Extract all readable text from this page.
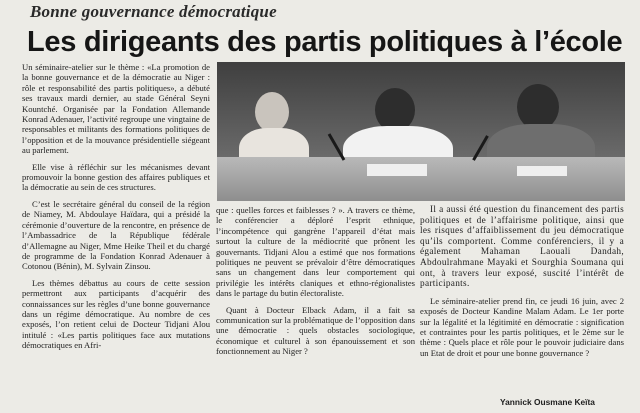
Bonne gouvernance démocratique
Les dirigeants des partis politiques à l’école

Un séminaire-atelier sur le thème : «La promotion de la bonne gouvernance et de la démocratie au Niger : rôle et responsabilité des partis politiques», a débuté ses travaux mardi dernier, au stade Général Seyni Kountché. Organisée par la Fondation Allemande Konrad Adenauer, l’activité regroupe une vingtaine de responsables et militants des formations politiques de l’opposition et de la mouvance présidentielle siégeant au parlement.

Elle vise à réfléchir sur les mécanismes devant promouvoir la bonne gestion des affaires publiques et la démocratie au sein de ces structures.

C’est le secrétaire général du conseil de la région de Niamey, M. Abdoulaye Haïdara, qui a présidé la cérémonie d’ouverture de la rencontre, en présence de l’Ambassadrice de la République fédérale d’Allemagne au Niger, Mme Heike Theil et du chargé de programme de la Fondation Konrad Adenauer à Cotonou (Bénin), M. Sylvain Zinsou.

Les thèmes débattus au cours de cette session permettront aux participants d’acquérir des connaissances sur les règles d’une bonne gouvernance dans un régime démocratique. Au nombre de ces exposés, l’on retient celui de Docteur Tidjani Alou intitulé : «Les partis politiques face aux mutations démocratiques en Afri-

que : quelles forces et faiblesses ? ». A travers ce thème, le conférencier a déploré l’esprit ethnique, l’incompétence qui gangrène l’appareil d’état mais surtout la culture de la médiocrité que prônent les gouvernants. Tidjani Alou a estimé que nos formations politiques ne peuvent se prévaloir d’être démocratiques sans un changement dans leur comportement qui privilégie les intérêts claniques et ethno-régionalistes dans le partage du butin électoraliste.

Quant à Docteur Elback Adam, il a fait sa communication sur la problématique de l’opposition dans une démocratie : quels obstacles sociologique, économique et culturel à son épanouissement et son fonctionnement au Niger ?

Il a aussi été question du financement des partis politiques et de l’affairisme politique, ainsi que les risques d’affaiblissement du jeu démocratique qu’ils comportent. Comme conférenciers, il y a également Mahaman Laouali Dandah, Abdoulrahmane Mayaki et Sourghia Soumana qui ont, à travers leur exposé, suscité l’intérêt de participants.

Le séminaire-atelier prend fin, ce jeudi 16 juin, avec 2 exposés de Docteur Kandine Malam Adam. Le 1er porte sur la légalité et la légitimité en démocratie : signification et contraintes pour les partis politiques, et le 2ème sur le thème : Quels place et rôle pour le pouvoir judiciaire dans un Etat de droit et pour une bonne gouvernance ?

Yannick Ousmane Keïta
